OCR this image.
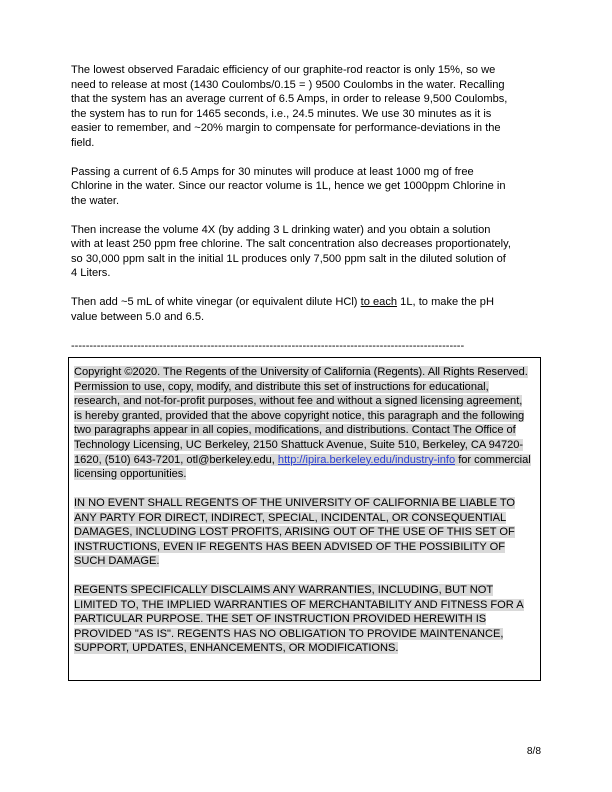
The lowest observed Faradaic efficiency of our graphite-rod reactor is only 15%, so we need to release at most (1430 Coulombs/0.15 = ) 9500 Coulombs in the water. Recalling that the system has an average current of 6.5 Amps, in order to release 9,500 Coulombs, the system has to run for 1465 seconds, i.e., 24.5 minutes. We use 30 minutes as it is easier to remember, and ~20% margin to compensate for performance-deviations in the field.

Passing a current of 6.5 Amps for 30 minutes will produce at least 1000 mg of free Chlorine in the water. Since our reactor volume is 1L, hence we get 1000ppm Chlorine in the water.

Then increase the volume 4X (by adding 3 L drinking water) and you obtain a solution with at least 250 ppm free chlorine. The salt concentration also decreases proportionately, so 30,000 ppm salt in the initial 1L produces only 7,500 ppm salt in the diluted solution of 4 Liters.

Then add ~5 mL of white vinegar (or equivalent dilute HCl) to each 1L, to make the pH value between 5.0 and 6.5.

-----------------------------------------------------------------------------------------------------------

Copyright ©2020. The Regents of the University of California (Regents). All Rights Reserved. Permission to use, copy, modify, and distribute this set of instructions for educational, research, and not-for-profit purposes, without fee and without a signed licensing agreement, is hereby granted, provided that the above copyright notice, this paragraph and the following two paragraphs appear in all copies, modifications, and distributions. Contact The Office of Technology Licensing, UC Berkeley, 2150 Shattuck Avenue, Suite 510, Berkeley, CA 94720-1620, (510) 643-7201, otl@berkeley.edu, http://ipira.berkeley.edu/industry-info for commercial licensing opportunities.

IN NO EVENT SHALL REGENTS OF THE UNIVERSITY OF CALIFORNIA BE LIABLE TO ANY PARTY FOR DIRECT, INDIRECT, SPECIAL, INCIDENTAL, OR CONSEQUENTIAL DAMAGES, INCLUDING LOST PROFITS, ARISING OUT OF THE USE OF THIS SET OF INSTRUCTIONS, EVEN IF REGENTS HAS BEEN ADVISED OF THE POSSIBILITY OF SUCH DAMAGE.

REGENTS SPECIFICALLY DISCLAIMS ANY WARRANTIES, INCLUDING, BUT NOT LIMITED TO, THE IMPLIED WARRANTIES OF MERCHANTABILITY AND FITNESS FOR A PARTICULAR PURPOSE. THE SET OF INSTRUCTION PROVIDED HEREWITH IS PROVIDED "AS IS". REGENTS HAS NO OBLIGATION TO PROVIDE MAINTENANCE, SUPPORT, UPDATES, ENHANCEMENTS, OR MODIFICATIONS.

8/8
